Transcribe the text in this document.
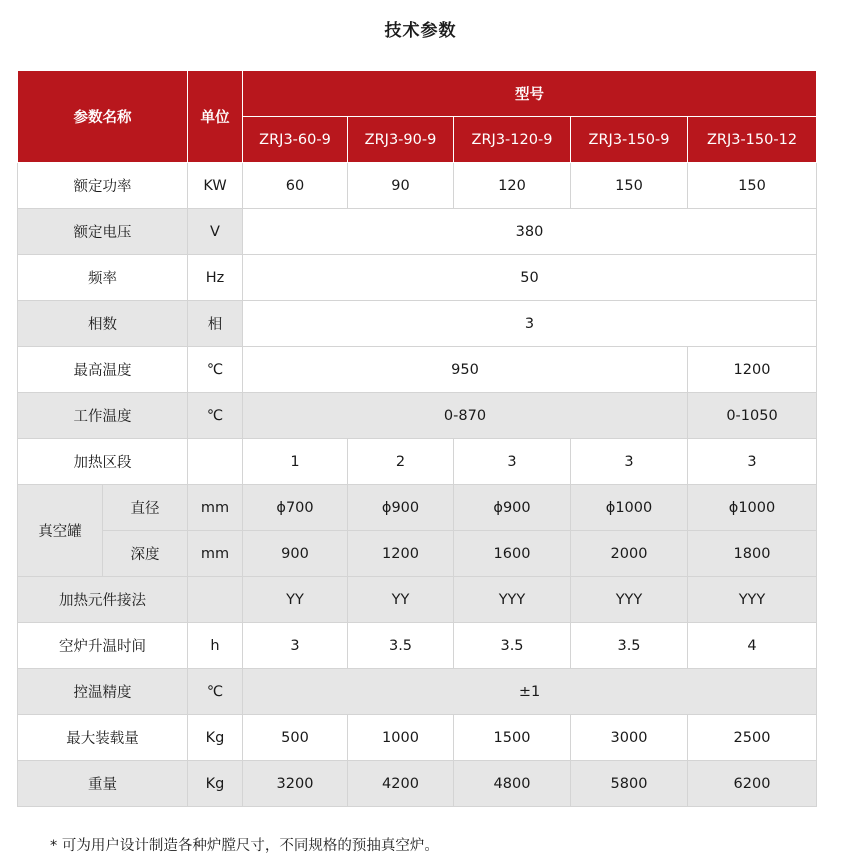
技术参数
参数名称		单位	型号				
			ZRJ3-60-9	ZRJ3-90-9	ZRJ3-120-9	ZRJ3-150-9	ZRJ3-150-12
额定功率		KW	60	90	120	150	150
额定电压		V	380				
频率		Hz	50				
相数		相	3				
最高温度		℃	950				1200
工作温度		℃	0-870				0-1050
加热区段			1	2	3	3	3
真空罐	直径	mm	ϕ700	ϕ900	ϕ900	ϕ1000	ϕ1000
	深度	mm	900	1200	1600	2000	1800
加热元件接法			YY	YY	YYY	YYY	YYY
空炉升温时间		h	3	3.5	3.5	3.5	4
控温精度		℃	±1				
最大装载量		Kg	500	1000	1500	3000	2500
重量		Kg	3200	4200	4800	5800	6200
* 可为用户设计制造各种炉膛尺寸，不同规格的预抽真空炉。
